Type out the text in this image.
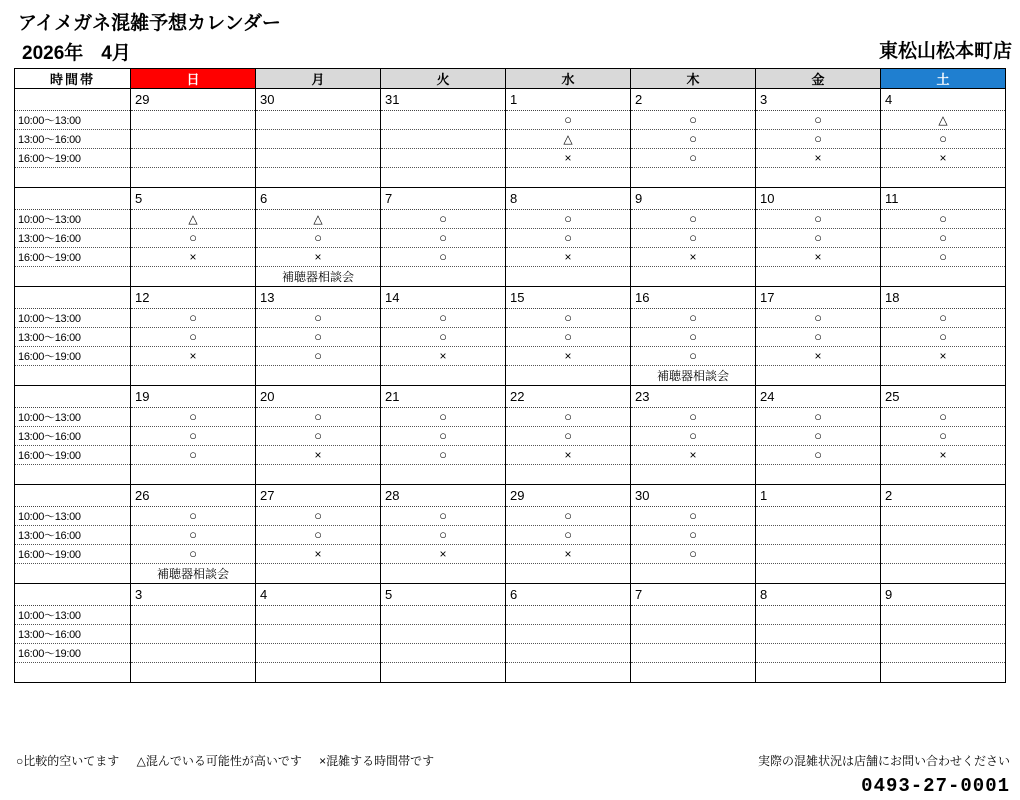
アイメガネ混雑予想カレンダー
2026年 4月	東松山松本町店
時間帯	日	月	火	水	木	金	土
	29	30	31	1	2	3	4
10:00～13:00				○	○	○	△
13:00～16:00				△	○	○	○
16:00～19:00				×	○	×	×

	5	6	7	8	9	10	11
10:00～13:00	△	△	○	○	○	○	○
13:00～16:00	○	○	○	○	○	○	○
16:00～19:00	×	×	○	×	×	×	○
		補聴器相談会					
	12	13	14	15	16	17	18
10:00～13:00	○	○	○	○	○	○	○
13:00～16:00	○	○	○	○	○	○	○
16:00～19:00	×	○	×	×	○	×	×
					補聴器相談会		
	19	20	21	22	23	24	25
10:00～13:00	○	○	○	○	○	○	○
13:00～16:00	○	○	○	○	○	○	○
16:00～19:00	○	×	○	×	×	○	×

	26	27	28	29	30	1	2
10:00～13:00	○	○	○	○	○		
13:00～16:00	○	○	○	○	○		
16:00～19:00	○	×	×	×	○		
	補聴器相談会						
	3	4	5	6	7	8	9
10:00～13:00							
13:00～16:00							
16:00～19:00							

○比較的空いてます △混んでいる可能性が高いです ×混雑する時間帯です	実際の混雑状況は店舗にお問い合わせください
0493-27-0001
